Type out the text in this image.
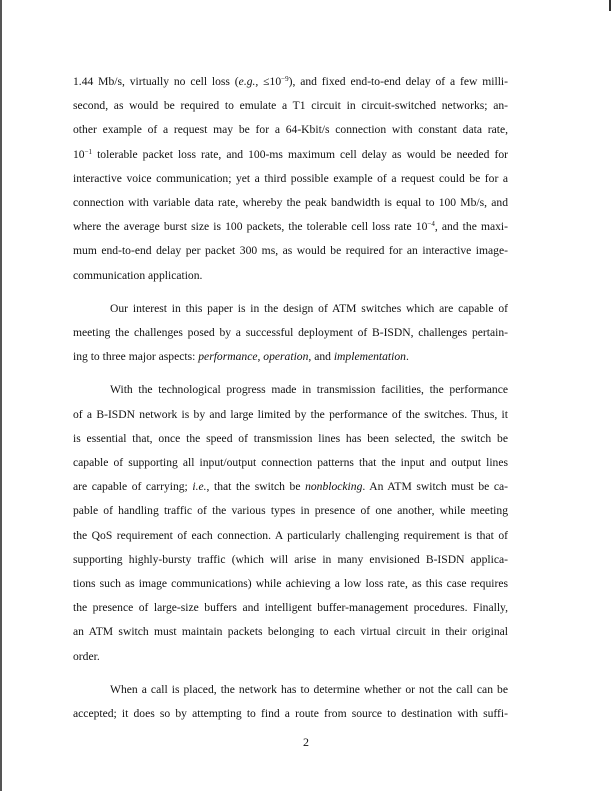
1.44 Mb/s, virtually no cell loss (e.g., $\le 10^{-9}$), and fixed end-to-end delay of a few milli-
second, as would be required to emulate a T1 circuit in circuit-switched networks; an-
other example of a request may be for a 64-Kbit/s connection with constant data rate,
$10^{-1}$ tolerable packet loss rate, and 100-ms maximum cell delay as would be needed for
interactive voice communication; yet a third possible example of a request could be for a
connection with variable data rate, whereby the peak bandwidth is equal to 100 Mb/s, and
where the average burst size is 100 packets, the tolerable cell loss rate $10^{-4}$, and the maxi-
mum end-to-end delay per packet 300 ms, as would be required for an interactive image-
communication application.

Our interest in this paper is in the design of ATM switches which are capable of
meeting the challenges posed by a successful deployment of B-ISDN, challenges pertain-
ing to three major aspects: performance, operation, and implementation.

With the technological progress made in transmission facilities, the performance
of a B-ISDN network is by and large limited by the performance of the switches. Thus, it
is essential that, once the speed of transmission lines has been selected, the switch be
capable of supporting all input/output connection patterns that the input and output lines
are capable of carrying; i.e., that the switch be nonblocking. An ATM switch must be ca-
pable of handling traffic of the various types in presence of one another, while meeting
the QoS requirement of each connection. A particularly challenging requirement is that of
supporting highly-bursty traffic (which will arise in many envisioned B-ISDN applica-
tions such as image communications) while achieving a low loss rate, as this case requires
the presence of large-size buffers and intelligent buffer-management procedures. Finally,
an ATM switch must maintain packets belonging to each virtual circuit in their original
order.

When a call is placed, the network has to determine whether or not the call can be
accepted; it does so by attempting to find a route from source to destination with suffi-

2
